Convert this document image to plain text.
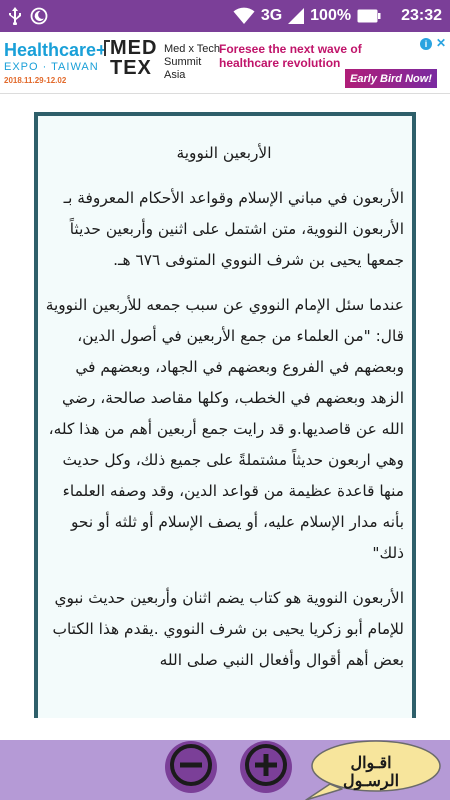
3G 100%	23:32
Healthcare+
EXPO · TAIWAN
2018.11.29-12.02
MED TEX
Med x Tech Summit Asia
Foresee the next wave of healthcare revolution
Early Bird Now!
i ✕
الأربعين النووية

الأربعون في مباني الإسلام وقواعد الأحكام المعروفة بـ الأربعون النووية، متن اشتمل على اثنين وأربعين حديثاً جمعها يحيى بن شرف النووي المتوفى ٦٧٦ هـ.

عندما سئل الإمام النووي عن سبب جمعه للأربعين النووية قال: "من العلماء من جمع الأربعين في أصول الدين، وبعضهم في الفروع وبعضهم في الجهاد، وبعضهم في الزهد وبعضهم في الخطب، وكلها مقاصد صالحة، رضي الله عن قاصديها.و قد رايت جمع أربعين أهم من هذا كله، وهي اربعون حديثاً مشتملةً على جميع ذلك، وكل حديث منها قاعدة عظيمة من قواعد الدين، وقد وصفه العلماء بأنه مدار الإسلام عليه، أو يصف الإسلام أو ثلثه أو نحو ذلك"

الأربعون النووية هو كتاب يضم اثنان وأربعين حديث نبوي للإمام أبو زكريا يحيى بن شرف النووي .يقدم هذا الكتاب بعض أهم أقوال وأفعال النبي صلى الله

اقـوال
الرسـول
